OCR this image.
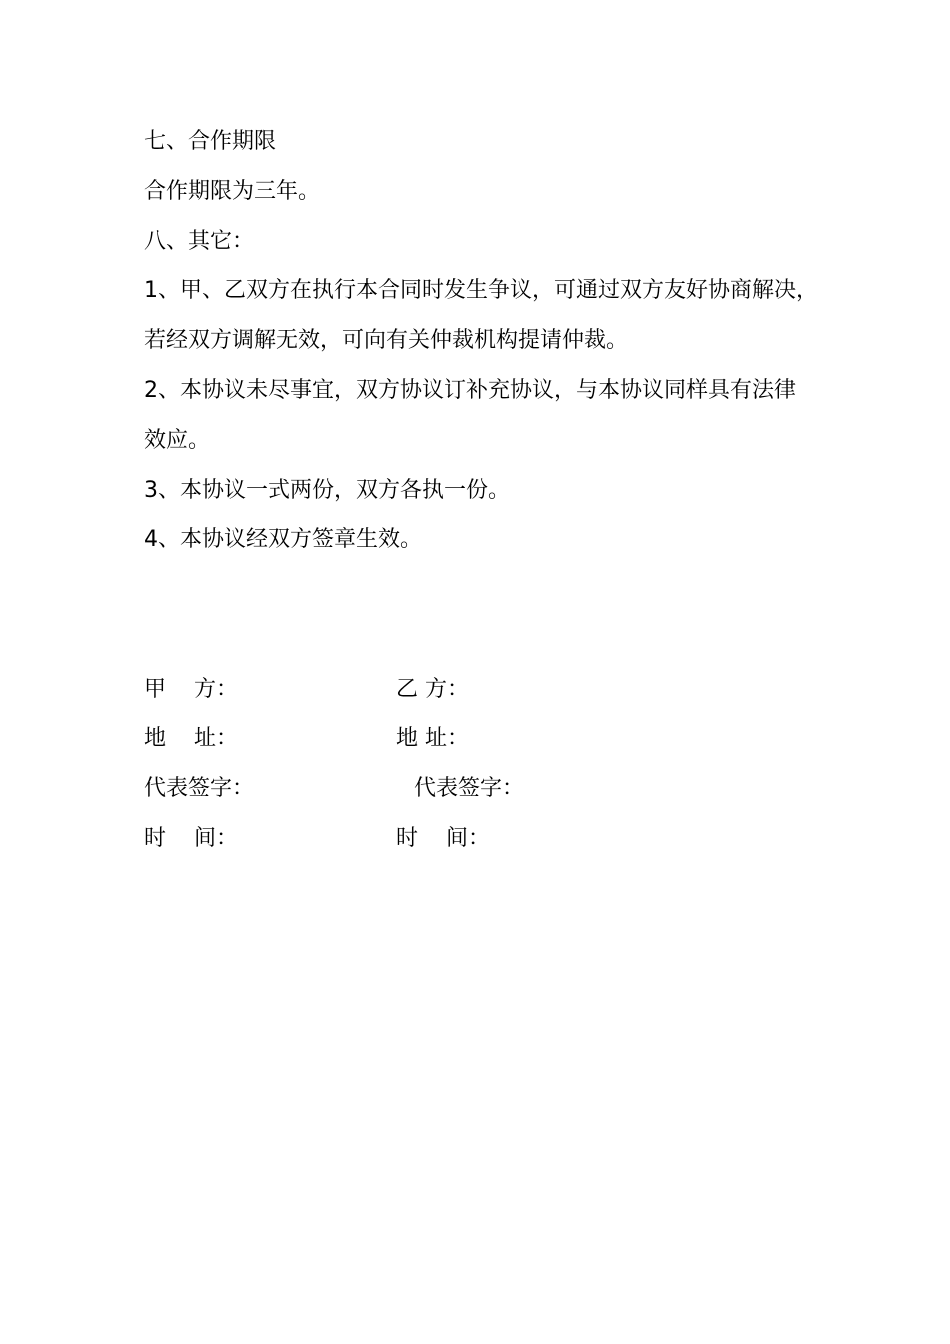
七、合作期限
合作期限为三年。
八、其它：
1、甲、乙双方在执行本合同时发生争议，可通过双方友好协商解决，
若经双方调解无效，可向有关仲裁机构提请仲裁。
2、本协议未尽事宜，双方协议订补充协议，与本协议同样具有法律
效应。
3、本协议一式两份，双方各执一份。
4、本协议经双方签章生效。
甲    方：
地    址：
代表签字：
时    间：
乙 方：
地 址：
代表签字：
时    间：
